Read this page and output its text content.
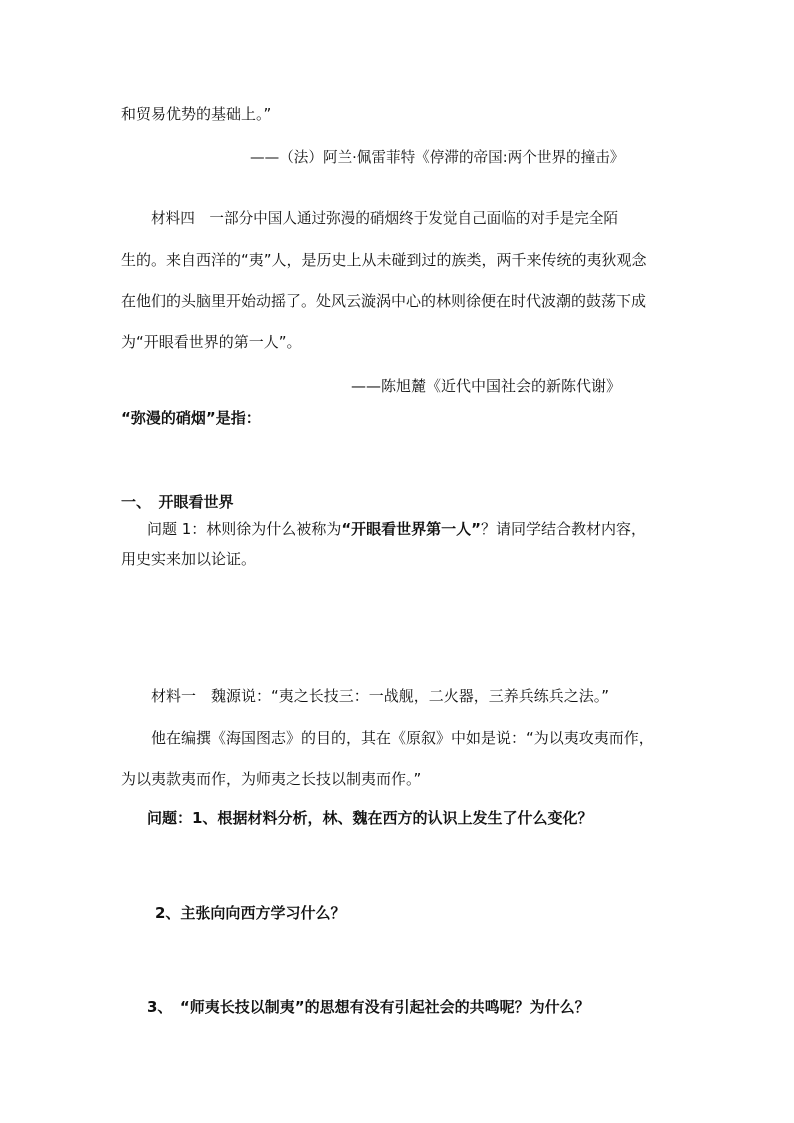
和贸易优势的基础上。”

——（法）阿兰·佩雷菲特《停滞的帝国:两个世界的撞击》

材料四　一部分中国人通过弥漫的硝烟终于发觉自己面临的对手是完全陌

生的。来自西洋的“夷”人，是历史上从未碰到过的族类，两千来传统的夷狄观念

在他们的头脑里开始动摇了。处风云漩涡中心的林则徐便在时代波潮的鼓荡下成

为“开眼看世界的第一人”。

——陈旭麓《近代中国社会的新陈代谢》

“弥漫的硝烟”是指：

一、　开眼看世界

问题 1：林则徐为什么被称为“开眼看世界第一人”？请同学结合教材内容，

用史实来加以论证。

材料一　魏源说：“夷之长技三：一战舰，二火器，三养兵练兵之法。”

他在编撰《海国图志》的目的，其在《原叙》中如是说：“为以夷攻夷而作，

为以夷款夷而作，为师夷之长技以制夷而作。”

问题：1、根据材料分析，林、魏在西方的认识上发生了什么变化？

2、主张向向西方学习什么？

3、　“师夷长技以制夷”的思想有没有引起社会的共鸣呢？为什么？
